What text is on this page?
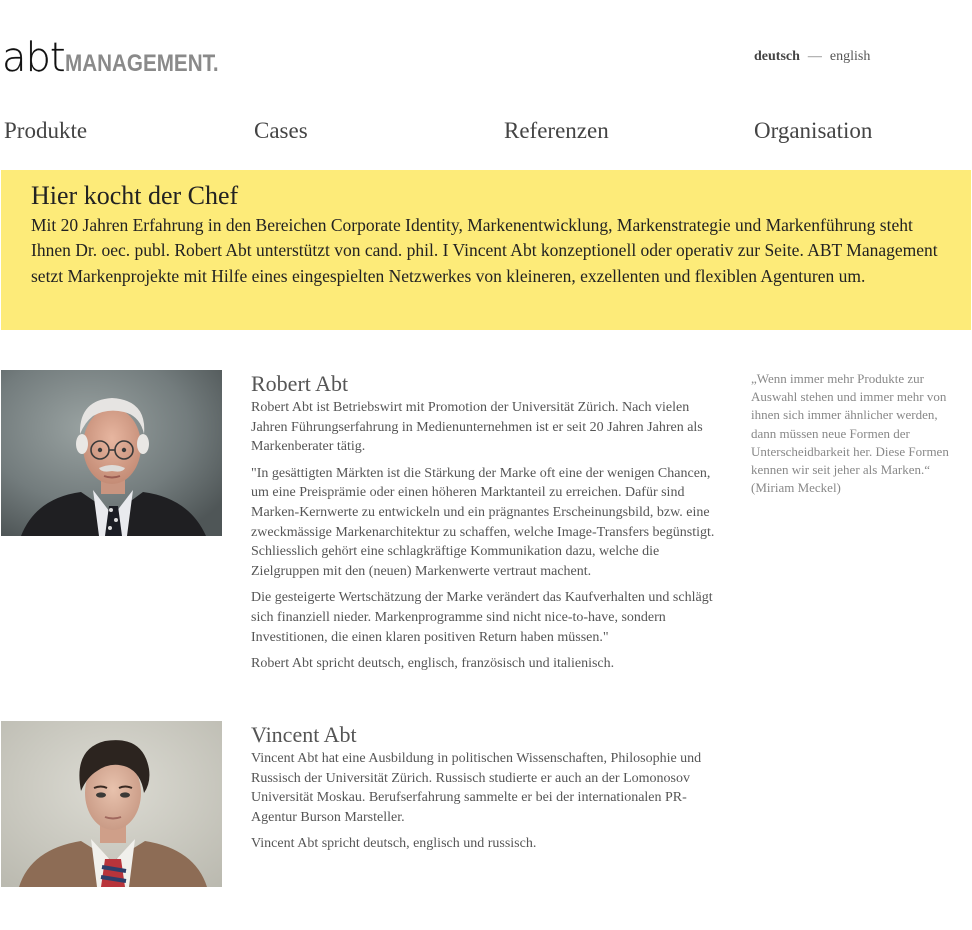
abtMANAGEMENT.	deutsch — english
Produkte	Cases	Referenzen	Organisation
Hier kocht der Chef

Mit 20 Jahren Erfahrung in den Bereichen Corporate Identity, Markenentwicklung, Markenstrategie und Markenführung steht Ihnen Dr. oec. publ. Robert Abt unterstützt von cand. phil. I Vincent Abt konzeptionell oder operativ zur Seite. ABT Management setzt Markenprojekte mit Hilfe eines eingespielten Netzwerkes von kleineren, exzellenten und flexiblen Agenturen um.

Robert Abt

Robert Abt ist Betriebswirt mit Promotion der Universität Zürich. Nach vielen Jahren Führungserfahrung in Medienunternehmen ist er seit 20 Jahren Jahren als Markenberater tätig.

"In gesättigten Märkten ist die Stärkung der Marke oft eine der wenigen Chancen, um eine Preisprämie oder einen höheren Marktanteil zu erreichen. Dafür sind Marken-Kernwerte zu entwickeln und ein prägnantes Erscheinungsbild, bzw. eine zweckmässige Markenarchitektur zu schaffen, welche Image-Transfers begünstigt. Schliesslich gehört eine schlagkräftige Kommunikation dazu, welche die Zielgruppen mit den (neuen) Markenwerte vertraut machent.

Die gesteigerte Wertschätzung der Marke verändert das Kaufverhalten und schlägt sich finanziell nieder. Markenprogramme sind nicht nice-to-have, sondern Investitionen, die einen klaren positiven Return haben müssen."

Robert Abt spricht deutsch, englisch, französisch und italienisch.

„Wenn immer mehr Produkte zur Auswahl stehen und immer mehr von ihnen sich immer ähnlicher werden, dann müssen neue Formen der Unterscheidbarkeit her. Diese Formen kennen wir seit jeher als Marken.“ (Miriam Meckel)
Vincent Abt

Vincent Abt hat eine Ausbildung in politischen Wissenschaften, Philosophie und Russisch der Universität Zürich. Russisch studierte er auch an der Lomonosov Universität Moskau. Berufserfahrung sammelte er bei der internationalen PR-Agentur Burson Marsteller.

Vincent Abt spricht deutsch, englisch und russisch.
